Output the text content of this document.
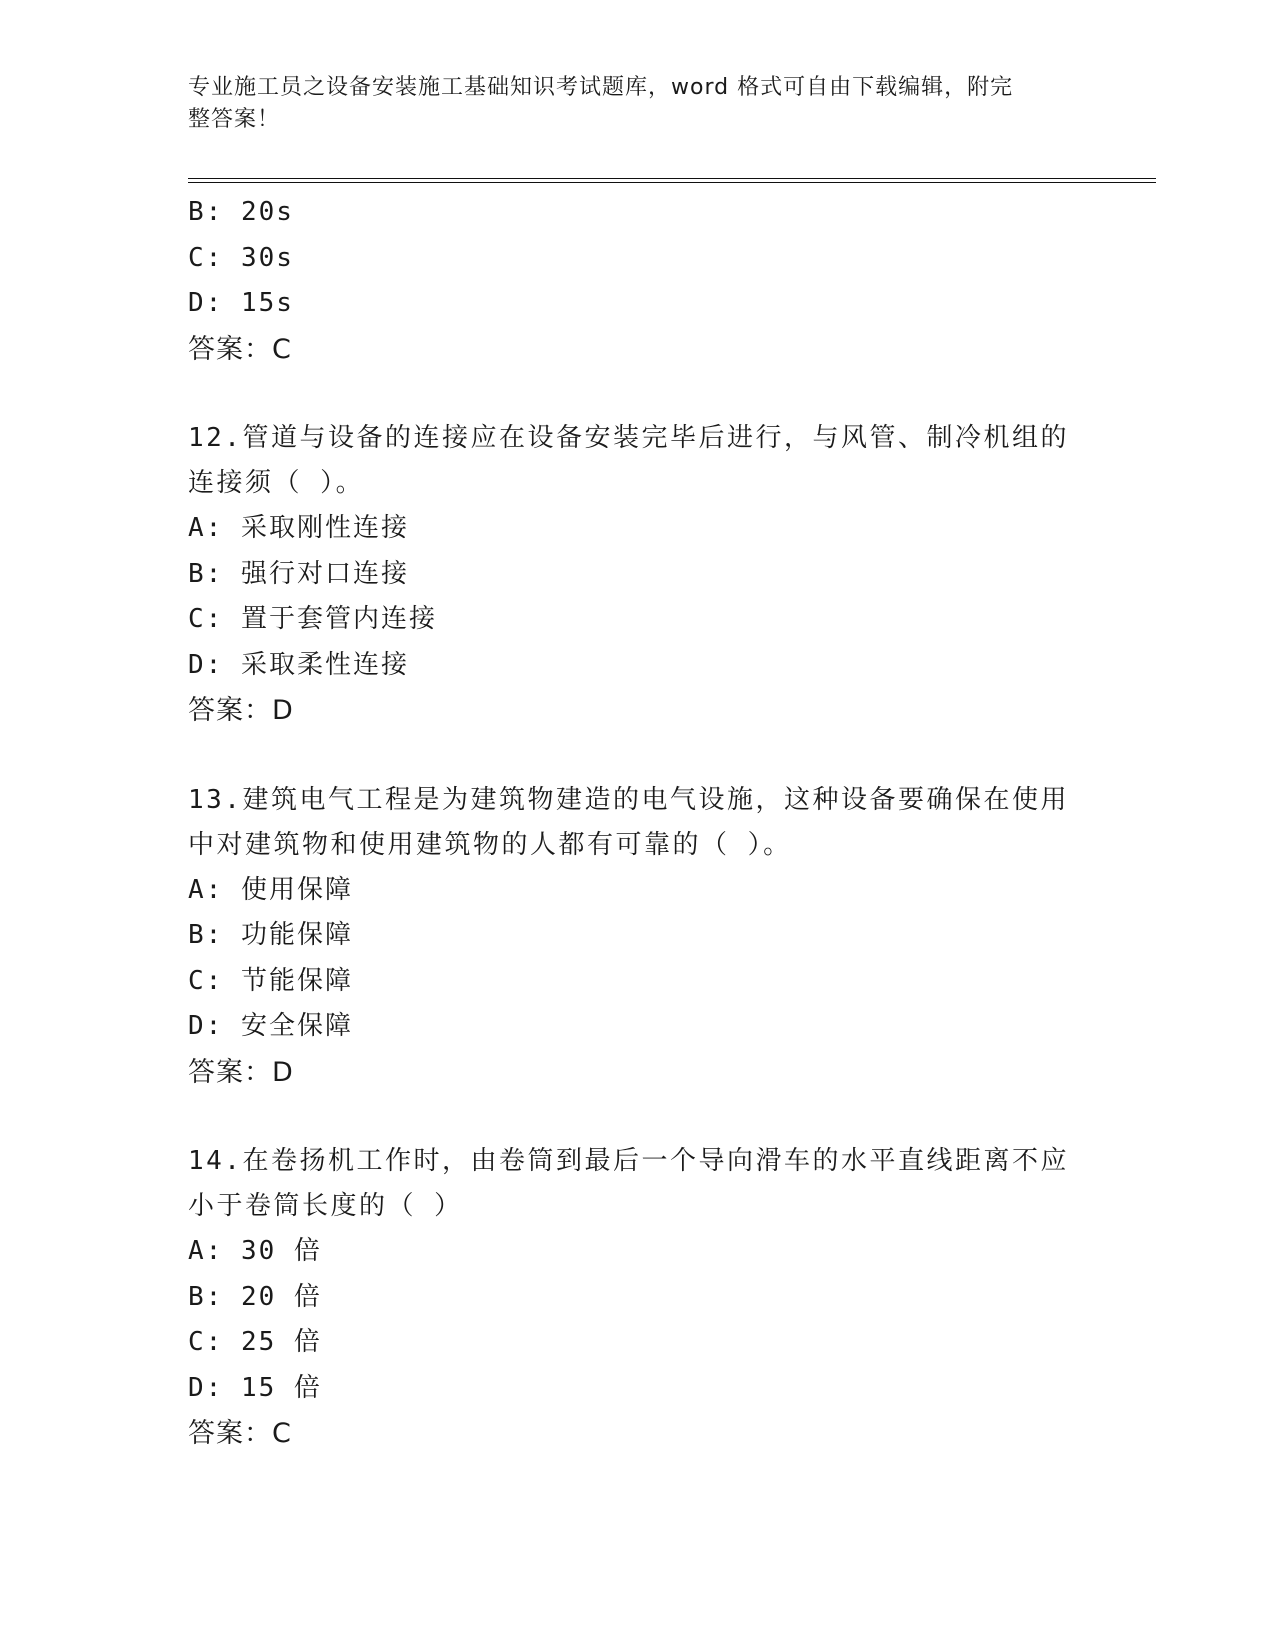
专业施工员之设备安装施工基础知识考试题库，word 格式可自由下载编辑，附完
整答案！
B: 20s
C: 30s
D: 15s
答案：C
12.管道与设备的连接应在设备安装完毕后进行，与风管、制冷机组的
连接须（ ）。
A: 采取刚性连接
B: 强行对口连接
C: 置于套管内连接
D: 采取柔性连接
答案：D
13.建筑电气工程是为建筑物建造的电气设施，这种设备要确保在使用
中对建筑物和使用建筑物的人都有可靠的（ ）。
A: 使用保障
B: 功能保障
C: 节能保障
D: 安全保障
答案：D
14.在卷扬机工作时，由卷筒到最后一个导向滑车的水平直线距离不应
小于卷筒长度的（ ）
A: 30 倍
B: 20 倍
C: 25 倍
D: 15 倍
答案：C
